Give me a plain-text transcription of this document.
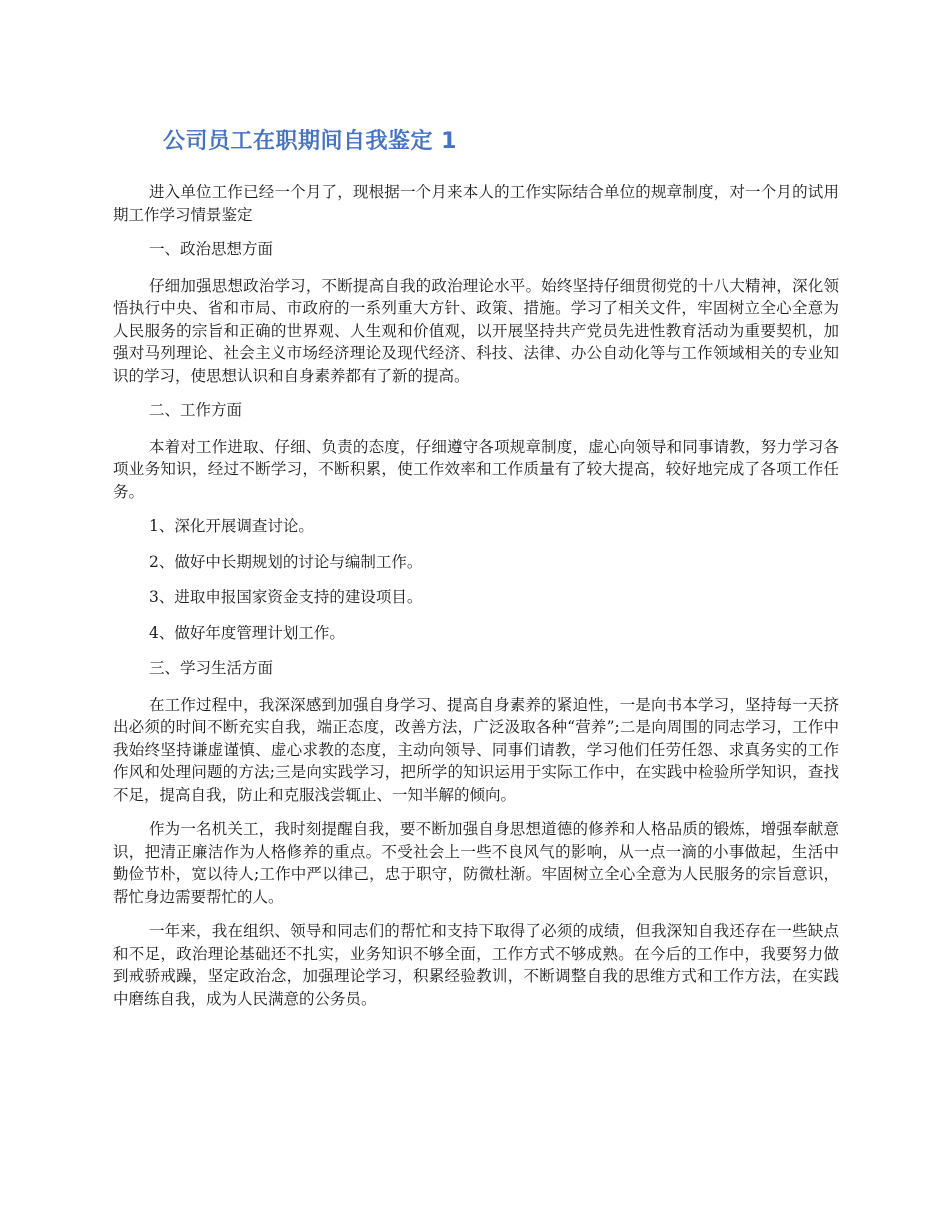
公司员工在职期间自我鉴定 1

进入单位工作已经一个月了，现根据一个月来本人的工作实际结合单位的规章制度，对一个月的试用期工作学习情景鉴定

一、政治思想方面

仔细加强思想政治学习，不断提高自我的政治理论水平。始终坚持仔细贯彻党的十八大精神，深化领悟执行中央、省和市局、市政府的一系列重大方针、政策、措施。学习了相关文件，牢固树立全心全意为人民服务的宗旨和正确的世界观、人生观和价值观，以开展坚持共产党员先进性教育活动为重要契机，加强对马列理论、社会主义市场经济理论及现代经济、科技、法律、办公自动化等与工作领域相关的专业知识的学习，使思想认识和自身素养都有了新的提高。

二、工作方面

本着对工作进取、仔细、负责的态度，仔细遵守各项规章制度，虚心向领导和同事请教，努力学习各项业务知识，经过不断学习，不断积累，使工作效率和工作质量有了较大提高，较好地完成了各项工作任务。

1、深化开展调查讨论。

2、做好中长期规划的讨论与编制工作。

3、进取申报国家资金支持的建设项目。

4、做好年度管理计划工作。

三、学习生活方面

在工作过程中，我深深感到加强自身学习、提高自身素养的紧迫性，一是向书本学习，坚持每一天挤出必须的时间不断充实自我，端正态度，改善方法，广泛汲取各种“营养”;二是向周围的同志学习，工作中我始终坚持谦虚谨慎、虚心求教的态度，主动向领导、同事们请教，学习他们任劳任怨、求真务实的工作作风和处理问题的方法;三是向实践学习，把所学的知识运用于实际工作中，在实践中检验所学知识，查找不足，提高自我，防止和克服浅尝辄止、一知半解的倾向。

作为一名机关工，我时刻提醒自我，要不断加强自身思想道德的修养和人格品质的锻炼，增强奉献意识，把清正廉洁作为人格修养的重点。不受社会上一些不良风气的影响，从一点一滴的小事做起，生活中勤俭节朴，宽以待人;工作中严以律己，忠于职守，防微杜渐。牢固树立全心全意为人民服务的宗旨意识，帮忙身边需要帮忙的人。

一年来，我在组织、领导和同志们的帮忙和支持下取得了必须的成绩，但我深知自我还存在一些缺点和不足，政治理论基础还不扎实，业务知识不够全面，工作方式不够成熟。在今后的工作中，我要努力做到戒骄戒躁，坚定政治念，加强理论学习，积累经验教训，不断调整自我的思维方式和工作方法，在实践中磨练自我，成为人民满意的公务员。
